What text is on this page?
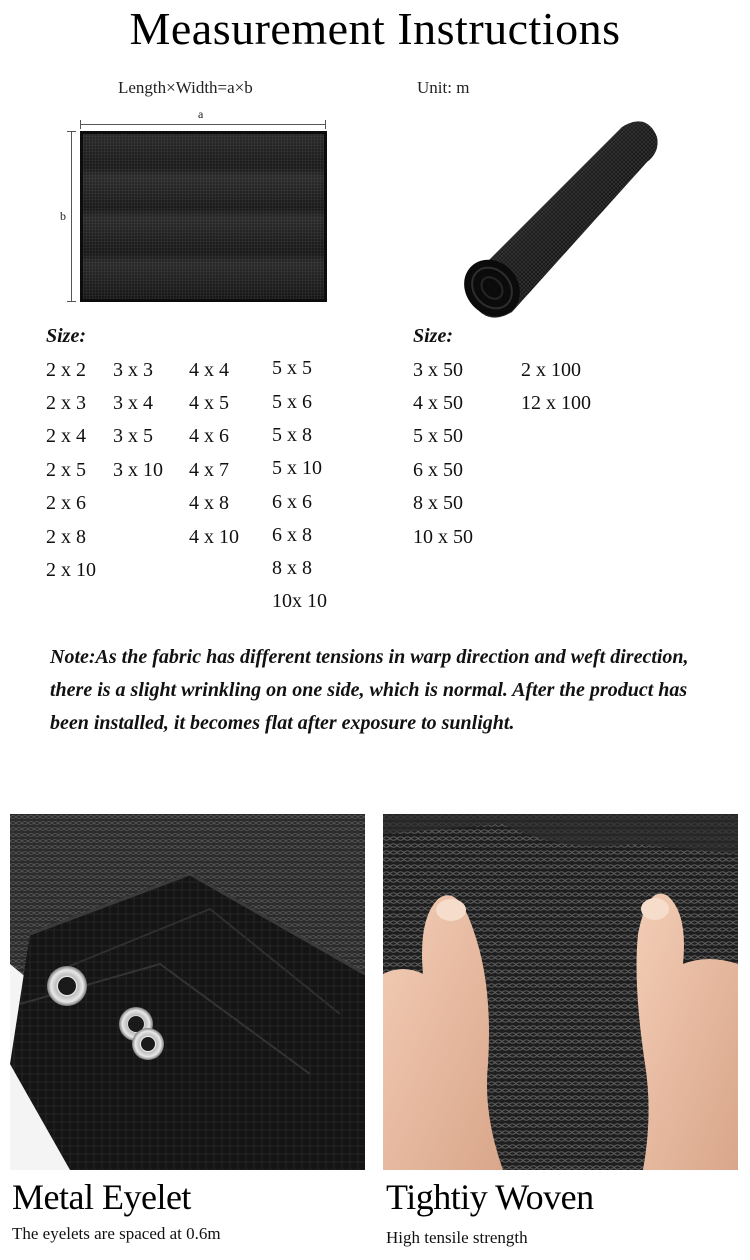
Measurement Instructions
Length×Width=a×b	Unit: m
a
b
Size:
2 x 2
2 x 3
2 x 4
2 x 5
2 x 6
2 x 8
2 x 10
3 x 3
3 x 4
3 x 5
3 x 10
4 x 4
4 x 5
4 x 6
4 x 7
4 x 8
4 x 10
5 x 5
5 x 6
5 x 8
5 x 10
6 x 6
6 x 8
8 x 8
10x 10
Size:
3 x 50
4 x 50
5 x 50
6 x 50
8 x 50
10 x 50
2 x 100
12 x 100
Note:As the fabric has different tensions in warp direction and weft direction, there is a slight wrinkling on one side, which is normal. After the product has been installed, it becomes flat after exposure to sunlight.
Metal Eyelet
The eyelets are spaced at 0.6m
Tightiy Woven
High tensile strength
